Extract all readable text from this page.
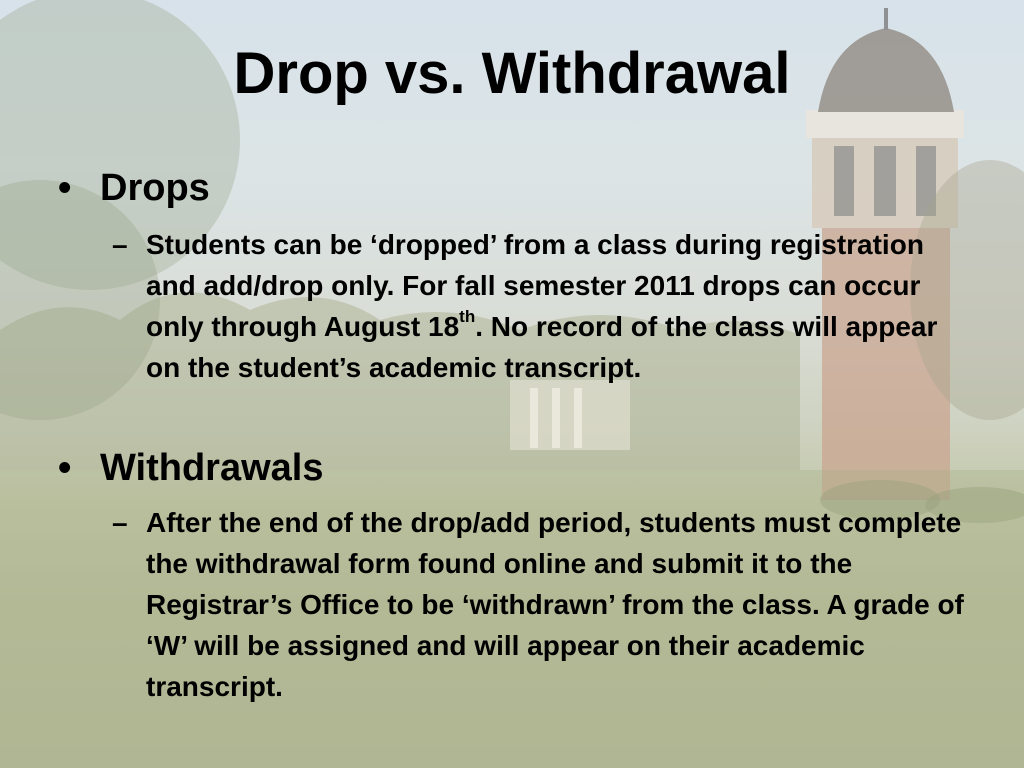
Drop vs. Withdrawal
• Drops
– Students can be ‘dropped’ from a class during registration and add/drop only. For fall semester 2011 drops can occur only through August 18th. No record of the class will appear on the student’s academic transcript.
• Withdrawals
– After the end of the drop/add period, students must complete the withdrawal form found online and submit it to the Registrar’s Office to be ‘withdrawn’ from the class. A grade of ‘W’ will be assigned and will appear on their academic transcript.
